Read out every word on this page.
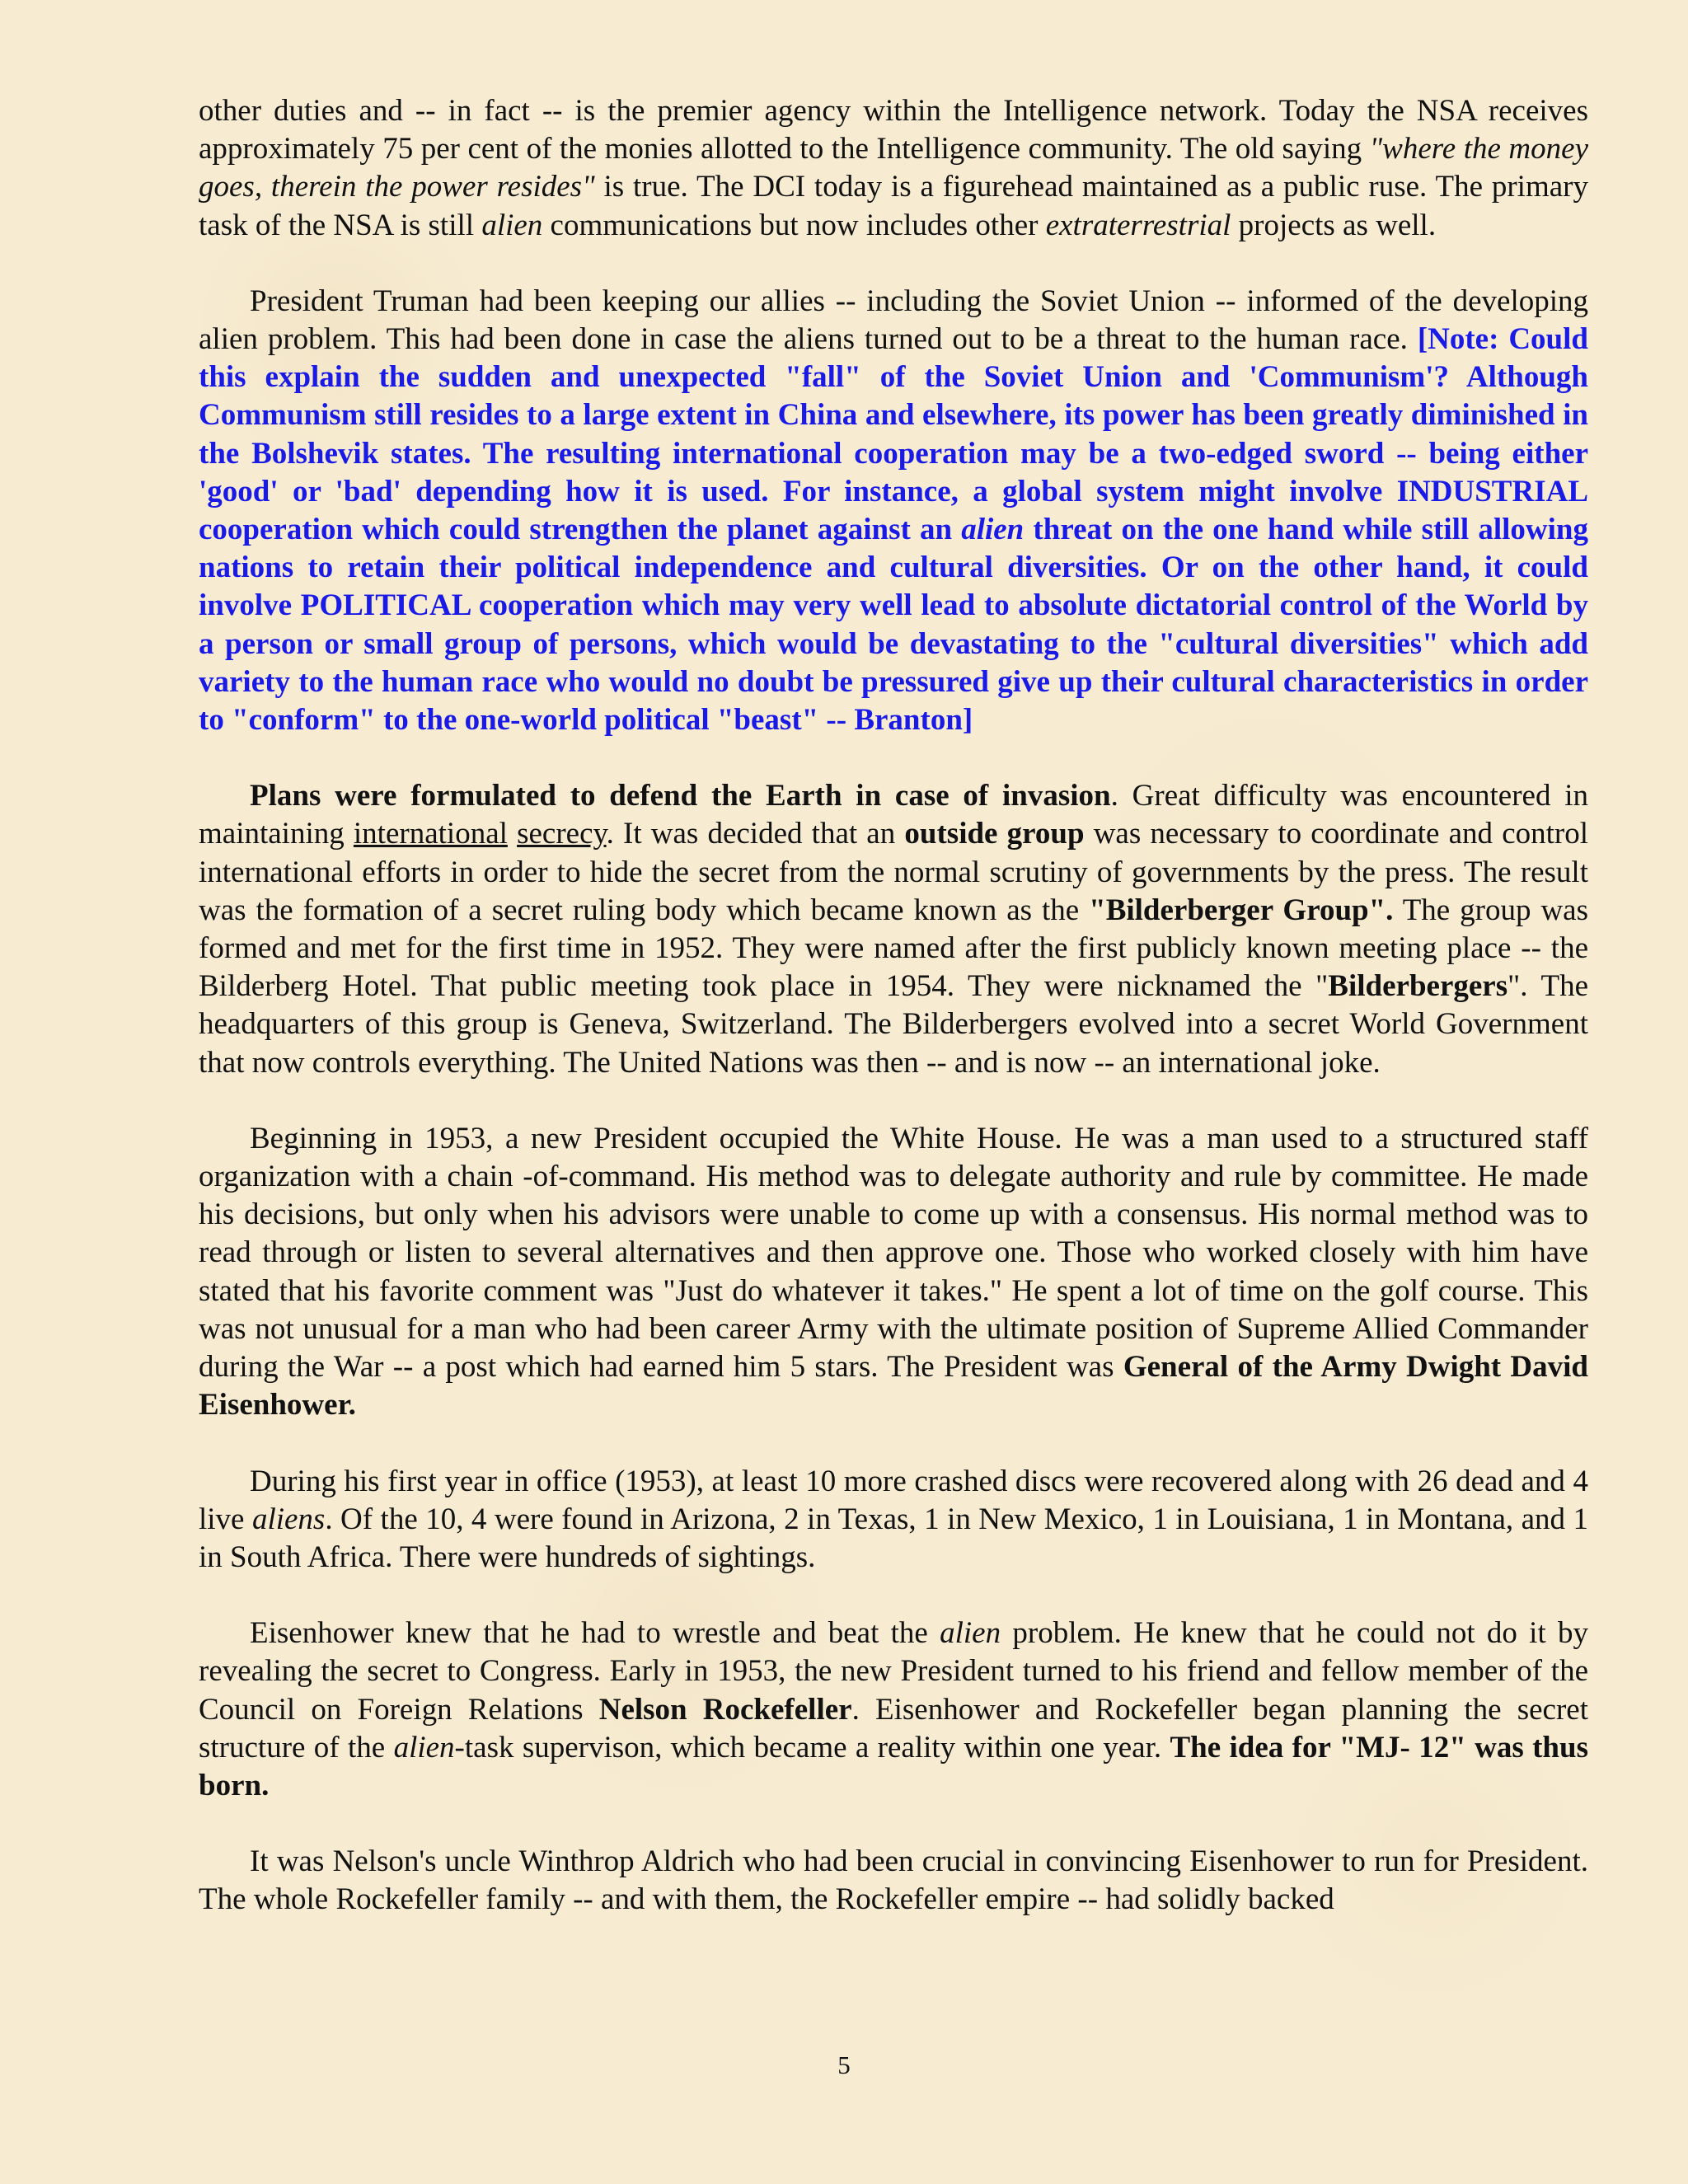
other duties and -- in fact -- is the premier agency within the Intelligence network. Today the NSA receives approximately 75 per cent of the monies allotted to the Intelligence community. The old saying "where the money goes, therein the power resides" is true. The DCI today is a figurehead maintained as a public ruse. The primary task of the NSA is still alien communications but now includes other extraterrestrial projects as well.

President Truman had been keeping our allies -- including the Soviet Union -- informed of the developing alien problem. This had been done in case the aliens turned out to be a threat to the human race. [Note: Could this explain the sudden and unexpected "fall" of the Soviet Union and 'Communism'? Although Communism still resides to a large extent in China and elsewhere, its power has been greatly diminished in the Bolshevik states. The resulting international cooperation may be a two-edged sword -- being either 'good' or 'bad' depending how it is used. For instance, a global system might involve INDUSTRIAL cooperation which could strengthen the planet against an alien threat on the one hand while still allowing nations to retain their political independence and cultural diversities. Or on the other hand, it could involve POLITICAL cooperation which may very well lead to absolute dictatorial control of the World by a person or small group of persons, which would be devastating to the "cultural diversities" which add variety to the human race who would no doubt be pressured give up their cultural characteristics in order to "conform" to the one-world political "beast" -- Branton]

Plans were formulated to defend the Earth in case of invasion. Great difficulty was encountered in maintaining international secrecy. It was decided that an outside group was necessary to coordinate and control international efforts in order to hide the secret from the normal scrutiny of governments by the press. The result was the formation of a secret ruling body which became known as the "Bilderberger Group". The group was formed and met for the first time in 1952. They were named after the first publicly known meeting place -- the Bilderberg Hotel. That public meeting took place in 1954. They were nicknamed the "Bilderbergers". The headquarters of this group is Geneva, Switzerland. The Bilderbergers evolved into a secret World Government that now controls everything. The United Nations was then -- and is now -- an international joke.

Beginning in 1953, a new President occupied the White House. He was a man used to a structured staff organization with a chain -of-command. His method was to delegate authority and rule by committee. He made his decisions, but only when his advisors were unable to come up with a consensus. His normal method was to read through or listen to several alternatives and then approve one. Those who worked closely with him have stated that his favorite comment was "Just do whatever it takes." He spent a lot of time on the golf course. This was not unusual for a man who had been career Army with the ultimate position of Supreme Allied Commander during the War -- a post which had earned him 5 stars. The President was General of the Army Dwight David Eisenhower.

During his first year in office (1953), at least 10 more crashed discs were recovered along with 26 dead and 4 live aliens. Of the 10, 4 were found in Arizona, 2 in Texas, 1 in New Mexico, 1 in Louisiana, 1 in Montana, and 1 in South Africa. There were hundreds of sightings.

Eisenhower knew that he had to wrestle and beat the alien problem. He knew that he could not do it by revealing the secret to Congress. Early in 1953, the new President turned to his friend and fellow member of the Council on Foreign Relations Nelson Rockefeller. Eisenhower and Rockefeller began planning the secret structure of the alien-task supervison, which became a reality within one year. The idea for "MJ- 12" was thus born.

It was Nelson's uncle Winthrop Aldrich who had been crucial in convincing Eisenhower to run for President. The whole Rockefeller family -- and with them, the Rockefeller empire -- had solidly backed

5
